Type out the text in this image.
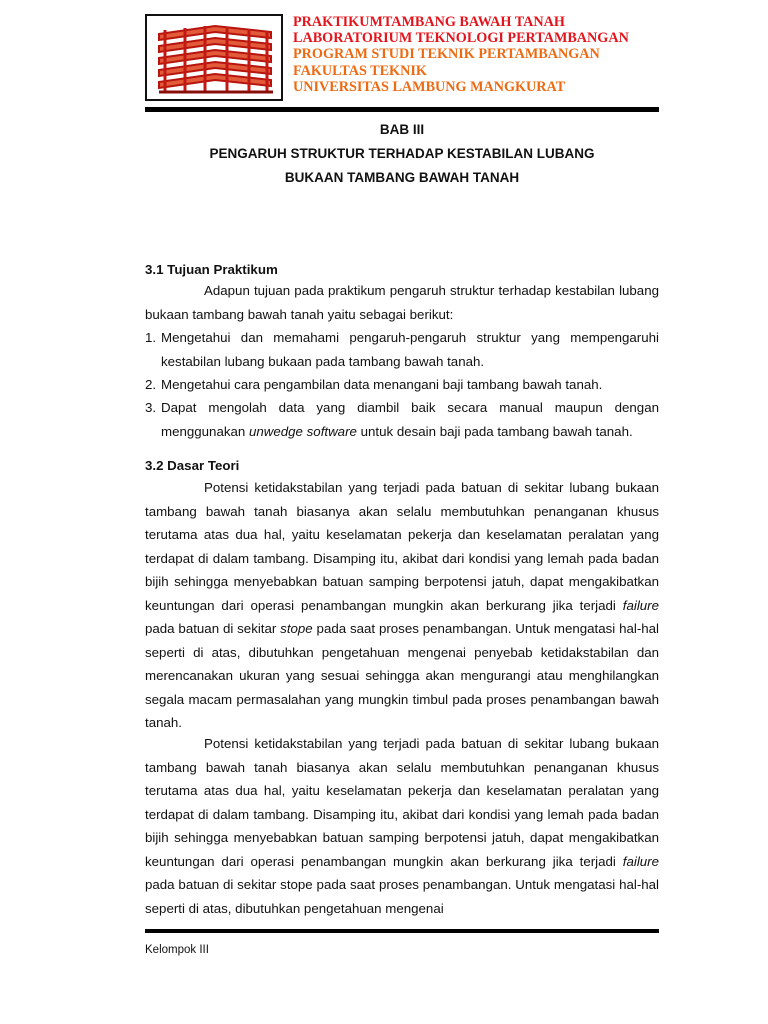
PRAKTIKUMTAMBANG BAWAH TANAH
LABORATORIUM TEKNOLOGI PERTAMBANGAN
PROGRAM STUDI TEKNIK PERTAMBANGAN
FAKULTAS TEKNIK
UNIVERSITAS LAMBUNG MANGKURAT
BAB III
PENGARUH STRUKTUR TERHADAP KESTABILAN LUBANG
BUKAAN TAMBANG BAWAH TANAH
3.1 Tujuan Praktikum

Adapun tujuan pada praktikum pengaruh struktur terhadap kestabilan lubang bukaan tambang bawah tanah yaitu sebagai berikut:

1. Mengetahui dan memahami pengaruh-pengaruh struktur yang mempengaruhi kestabilan lubang bukaan pada tambang bawah tanah.
2. Mengetahui cara pengambilan data menangani baji tambang bawah tanah.
3. Dapat mengolah data yang diambil baik secara manual maupun dengan menggunakan unwedge software untuk desain baji pada tambang bawah tanah.
3.2 Dasar Teori

Potensi ketidakstabilan yang terjadi pada batuan di sekitar lubang bukaan tambang bawah tanah biasanya akan selalu membutuhkan penanganan khusus terutama atas dua hal, yaitu keselamatan pekerja dan keselamatan peralatan yang terdapat di dalam tambang. Disamping itu, akibat dari kondisi yang lemah pada badan bijih sehingga menyebabkan batuan samping berpotensi jatuh, dapat mengakibatkan keuntungan dari operasi penambangan mungkin akan berkurang jika terjadi failure pada batuan di sekitar stope pada saat proses penambangan. Untuk mengatasi hal-hal seperti di atas, dibutuhkan pengetahuan mengenai penyebab ketidakstabilan dan merencanakan ukuran yang sesuai sehingga akan mengurangi atau menghilangkan segala macam permasalahan yang mungkin timbul pada proses penambangan bawah tanah.

Potensi ketidakstabilan yang terjadi pada batuan di sekitar lubang bukaan tambang bawah tanah biasanya akan selalu membutuhkan penanganan khusus terutama atas dua hal, yaitu keselamatan pekerja dan keselamatan peralatan yang terdapat di dalam tambang. Disamping itu, akibat dari kondisi yang lemah pada badan bijih sehingga menyebabkan batuan samping berpotensi jatuh, dapat mengakibatkan keuntungan dari operasi penambangan mungkin akan berkurang jika terjadi failure pada batuan di sekitar stope pada saat proses penambangan. Untuk mengatasi hal-hal seperti di atas, dibutuhkan pengetahuan mengenai

Kelompok III
